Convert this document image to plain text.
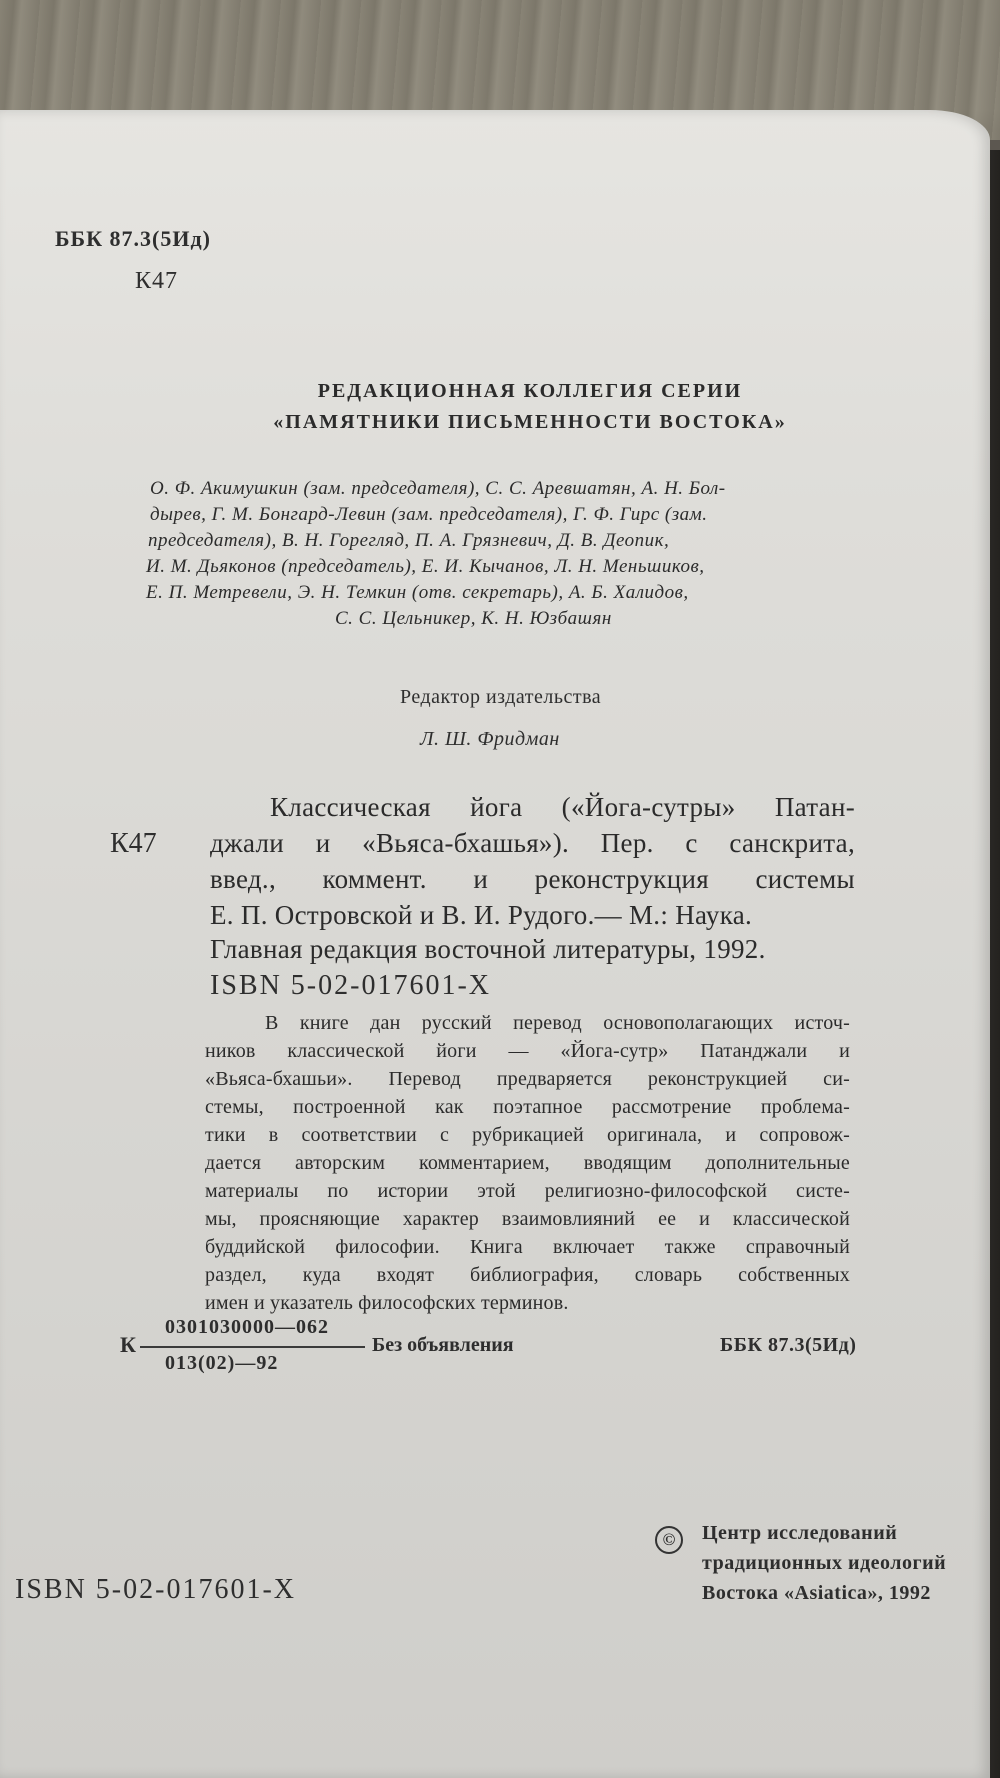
ББК 87.3(5Ид)
К47
РЕДАКЦИОННАЯ КОЛЛЕГИЯ СЕРИИ
«ПАМЯТНИКИ ПИСЬМЕННОСТИ ВОСТОКА»
О. Ф. Акимушкин (зам. председателя), С. С. Аревшатян, А. Н. Бол-
дырев, Г. М. Бонгард-Левин (зам. председателя), Г. Ф. Гирс (зам.
председателя), В. Н. Горегляд, П. А. Грязневич, Д. В. Деопик,
И. М. Дьяконов (председатель), Е. И. Кычанов, Л. Н. Меньшиков,
Е. П. Метревели, Э. Н. Темкин (отв. секретарь), А. Б. Халидов,
С. С. Цельникер, К. Н. Юзбашян
Редактор издательства
Л. Ш. Фридман
К47
Классическая йога («Йога-сутры» Патан-
джали и «Вьяса-бхашья»). Пер. с санскрита,
введ., коммент. и реконструкция системы
Е. П. Островской и В. И. Рудого.— М.: Наука.
Главная редакция восточной литературы, 1992.
ISBN 5-02-017601-X
В книге дан русский перевод основополагающих источ-
ников классической йоги — «Йога-сутр» Патанджали и
«Вьяса-бхашьи». Перевод предваряется реконструкцией си-
стемы, построенной как поэтапное рассмотрение проблема-
тики в соответствии с рубрикацией оригинала, и сопровож-
дается авторским комментарием, вводящим дополнительные
материалы по истории этой религиозно-философской систе-
мы, проясняющие характер взаимовлияний ее и классической
буддийской философии. Книга включает также справочный
раздел, куда входят библиография, словарь собственных
имен и указатель философских терминов.
К
0301030000—062
013(02)—92
Без объявления	ББК 87.3(5Ид)
©	Центр исследований
традиционных идеологий
Востока «Asiatica», 1992
ISBN 5-02-017601-X
